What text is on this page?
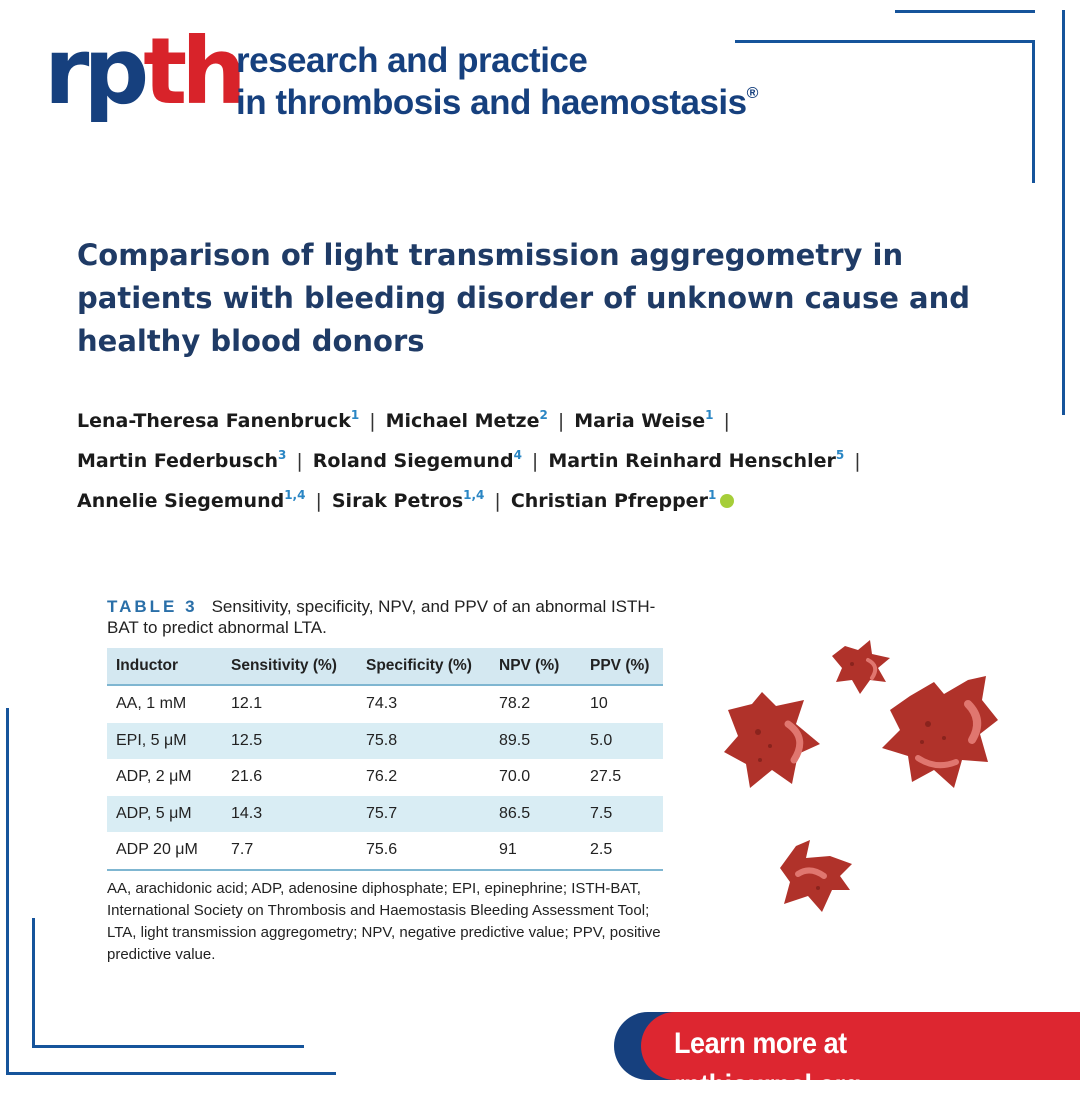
rpth
research and practice
in thrombosis and haemostasis®
Comparison of light transmission aggregometry in patients with bleeding disorder of unknown cause and healthy blood donors
Lena-Theresa Fanenbruck$^1$ | Michael Metze$^2$ | Maria Weise$^1$ |
Martin Federbusch$^3$ | Roland Siegemund$^4$ | Martin Reinhard Henschler$^5$ |
Annelie Siegemund$^{1,4}$ | Sirak Petros$^{1,4}$ | Christian Pfrepper$^1$
TABLE 3 Sensitivity, specificity, NPV, and PPV of an abnormal ISTH-BAT to predict abnormal LTA.
Inductor	Sensitivity (%)	Specificity (%)	NPV (%)	PPV (%)
AA, 1 mM	12.1	74.3	78.2	10
EPI, 5 μM	12.5	75.8	89.5	5.0
ADP, 2 μM	21.6	76.2	70.0	27.5
ADP, 5 μM	14.3	75.7	86.5	7.5
ADP 20 μM	7.7	75.6	91	2.5
AA, arachidonic acid; ADP, adenosine diphosphate; EPI, epinephrine; ISTH-BAT, International Society on Thrombosis and Haemostasis Bleeding Assessment Tool; LTA, light transmission aggregometry; NPV, negative predictive value; PPV, positive predictive value.
Learn more at rpthjournal.org
